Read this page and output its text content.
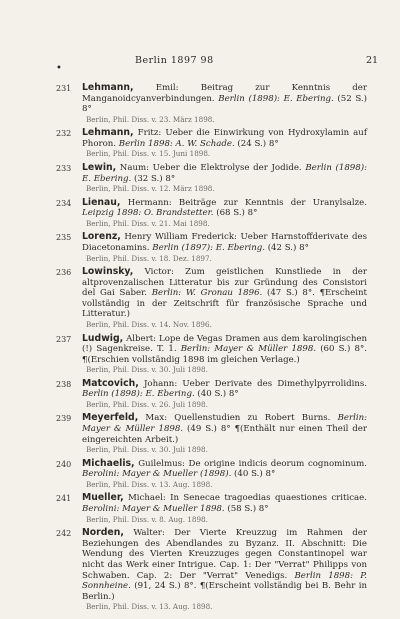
Berlin 1897 98	21
•
231	Lehmann, Emil: Beitrag zur Kenntnis der Manganoidcyanverbindungen. Berlin (1898): E. Ebering. (52 S.) 8°

Berlin, Phil. Diss. v. 23. März 1898.

232	Lehmann, Fritz: Ueber die Einwirkung von Hydroxylamin auf Phoron. Berlin 1898: A. W. Schade. (24 S.) 8°

Berlin, Phil. Diss. v. 15. Juni 1898.

233	Lewin, Naum: Ueber die Elektrolyse der Jodide. Berlin (1898): E. Ebering. (32 S.) 8°

Berlin, Phil. Diss. v. 12. März 1898.

234	Lienau, Hermann: Beiträge zur Kenntnis der Uranylsalze. Leipzig 1898: O. Brandstetter. (68 S.) 8°

Berlin, Phil. Diss. v. 21. Mai 1898.

235	Lorenz, Henry William Frederick: Ueber Harnstoffderivate des Diacetonamins. Berlin (1897): E. Ebering. (42 S.) 8°

Berlin, Phil. Diss. v. 18. Dez. 1897.

236	Lowinsky, Victor: Zum geistlichen Kunstliede in der altprovenzalischen Litteratur bis zur Gründung des Consistori del Gai Saber. Berlin: W. Gronau 1896. (47 S.) 8°. ¶Erscheint vollständig in der Zeitschrift für französische Sprache und Litteratur.)

Berlin, Phil. Diss. v. 14. Nov. 1896.

237	Ludwig, Albert: Lope de Vegas Dramen aus dem karolingischen (!) Sagenkreise. T. 1. Berlin: Mayer & Müller 1898. (60 S.) 8°. ¶(Erschien vollständig 1898 im gleichen Verlage.)

Berlin, Phil. Diss. v. 30. Juli 1898.

238	Matcovich, Johann: Ueber Derivate des Dimethylpyrrolidins. Berlin (1898): E. Ebering. (40 S.) 8°

Berlin, Phil. Diss. v. 26. Juli 1898.

239	Meyerfeld, Max: Quellenstudien zu Robert Burns. Berlin: Mayer & Müller 1898. (49 S.) 8° ¶(Enthält nur einen Theil der eingereichten Arbeit.)

Berlin, Phil. Diss. v. 30. Juli 1898.

240	Michaelis, Guilelmus: De origine indicis deorum cognominum. Berolini: Mayer & Mueller (1898). (40 S.) 8°

Berlin, Phil. Diss. v. 13. Aug. 1898.

241	Mueller, Michael: In Senecae tragoedias quaestiones criticae. Berolini: Mayer & Mueller 1898. (58 S.) 8°

Berlin, Phil. Diss. v. 8. Aug. 1898.

242	Norden, Walter: Der Vierte Kreuzzug im Rahmen der Beziehungen des Abendlandes zu Byzanz. II. Abschnitt: Die Wendung des Vierten Kreuzzuges gegen Constantinopel war nicht das Werk einer Intrigue. Cap. 1: Der "Verrat" Philipps von Schwaben. Cap. 2: Der "Verrat" Venedigs. Berlin 1898: P. Sonnheine. (91, 24 S.) 8°. ¶(Erscheint vollständig bei B. Behr in Berlin.)

Berlin, Phil. Diss. v. 13. Aug. 1898.
